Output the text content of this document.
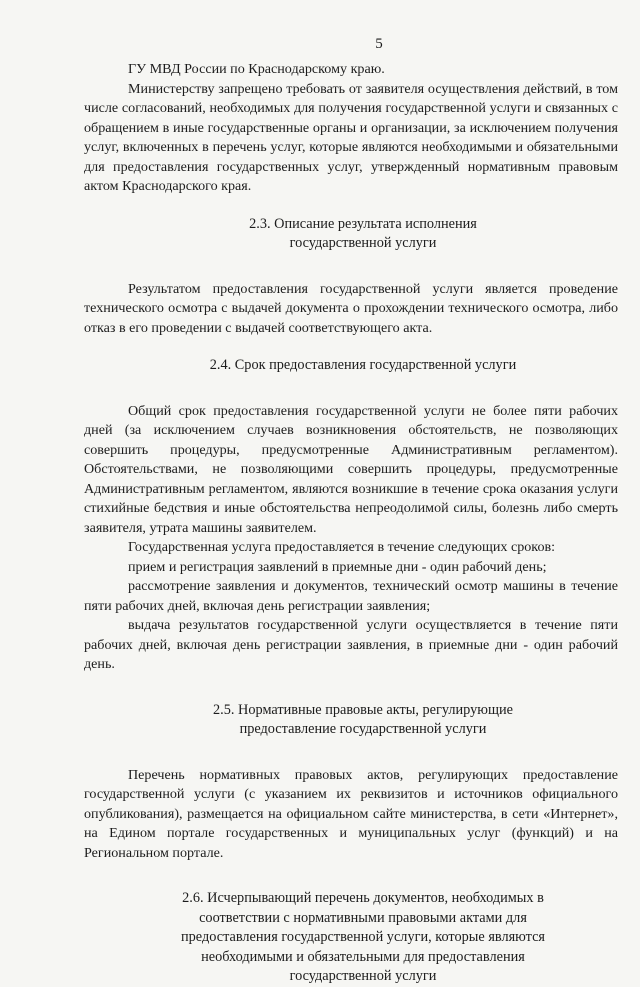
5

ГУ МВД России по Краснодарскому краю.

Министерству запрещено требовать от заявителя осуществления действий, в том числе согласований, необходимых для получения государственной услуги и связанных с обращением в иные государственные органы и организации, за исключением получения услуг, включенных в перечень услуг, которые являются необходимыми и обязательными для предоставления государственных услуг, утвержденный нормативным правовым актом Краснодарского края.

2.3. Описание результата исполнения
государственной услуги

Результатом предоставления государственной услуги является проведение технического осмотра с выдачей документа о прохождении технического осмотра, либо отказ в его проведении с выдачей соответствующего акта.

2.4. Срок предоставления государственной услуги

Общий срок предоставления государственной услуги не более пяти рабочих дней (за исключением случаев возникновения обстоятельств, не позволяющих совершить процедуры, предусмотренные Административным регламентом). Обстоятельствами, не позволяющими совершить процедуры, предусмотренные Административным регламентом, являются возникшие в течение срока оказания услуги стихийные бедствия и иные обстоятельства непреодолимой силы, болезнь либо смерть заявителя, утрата машины заявителем.

Государственная услуга предоставляется в течение следующих сроков:

прием и регистрация заявлений в приемные дни - один рабочий день;

рассмотрение заявления и документов, технический осмотр машины в течение пяти рабочих дней, включая день регистрации заявления;

выдача результатов государственной услуги осуществляется в течение пяти рабочих дней, включая день регистрации заявления, в приемные дни - один рабочий день.

2.5. Нормативные правовые акты, регулирующие
предоставление государственной услуги

Перечень нормативных правовых актов, регулирующих предоставление государственной услуги (с указанием их реквизитов и источников официального опубликования), размещается на официальном сайте министерства, в сети «Интернет», на Едином портале государственных и муниципальных услуг (функций) и на Региональном портале.

2.6. Исчерпывающий перечень документов, необходимых в
соответствии с нормативными правовыми актами для
предоставления государственной услуги, которые являются
необходимыми и обязательными для предоставления
государственной услуги
